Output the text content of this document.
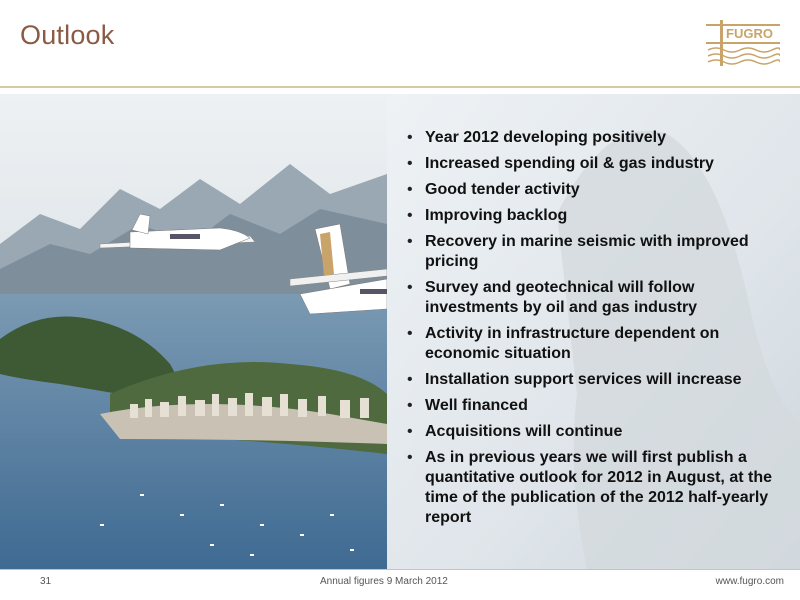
Outlook	FUGRO
• Year 2012 developing positively
• Increased spending oil & gas industry
• Good tender activity
• Improving backlog
• Recovery in marine seismic with improved pricing
• Survey and geotechnical will follow investments by oil and gas industry
• Activity in infrastructure dependent on economic situation
• Installation support services will increase
• Well financed
• Acquisitions will continue
• As in previous years we will first publish a quantitative outlook for 2012 in August, at the time of the publication of the 2012 half-yearly report
31	Annual figures 9 March 2012	www.fugro.com
